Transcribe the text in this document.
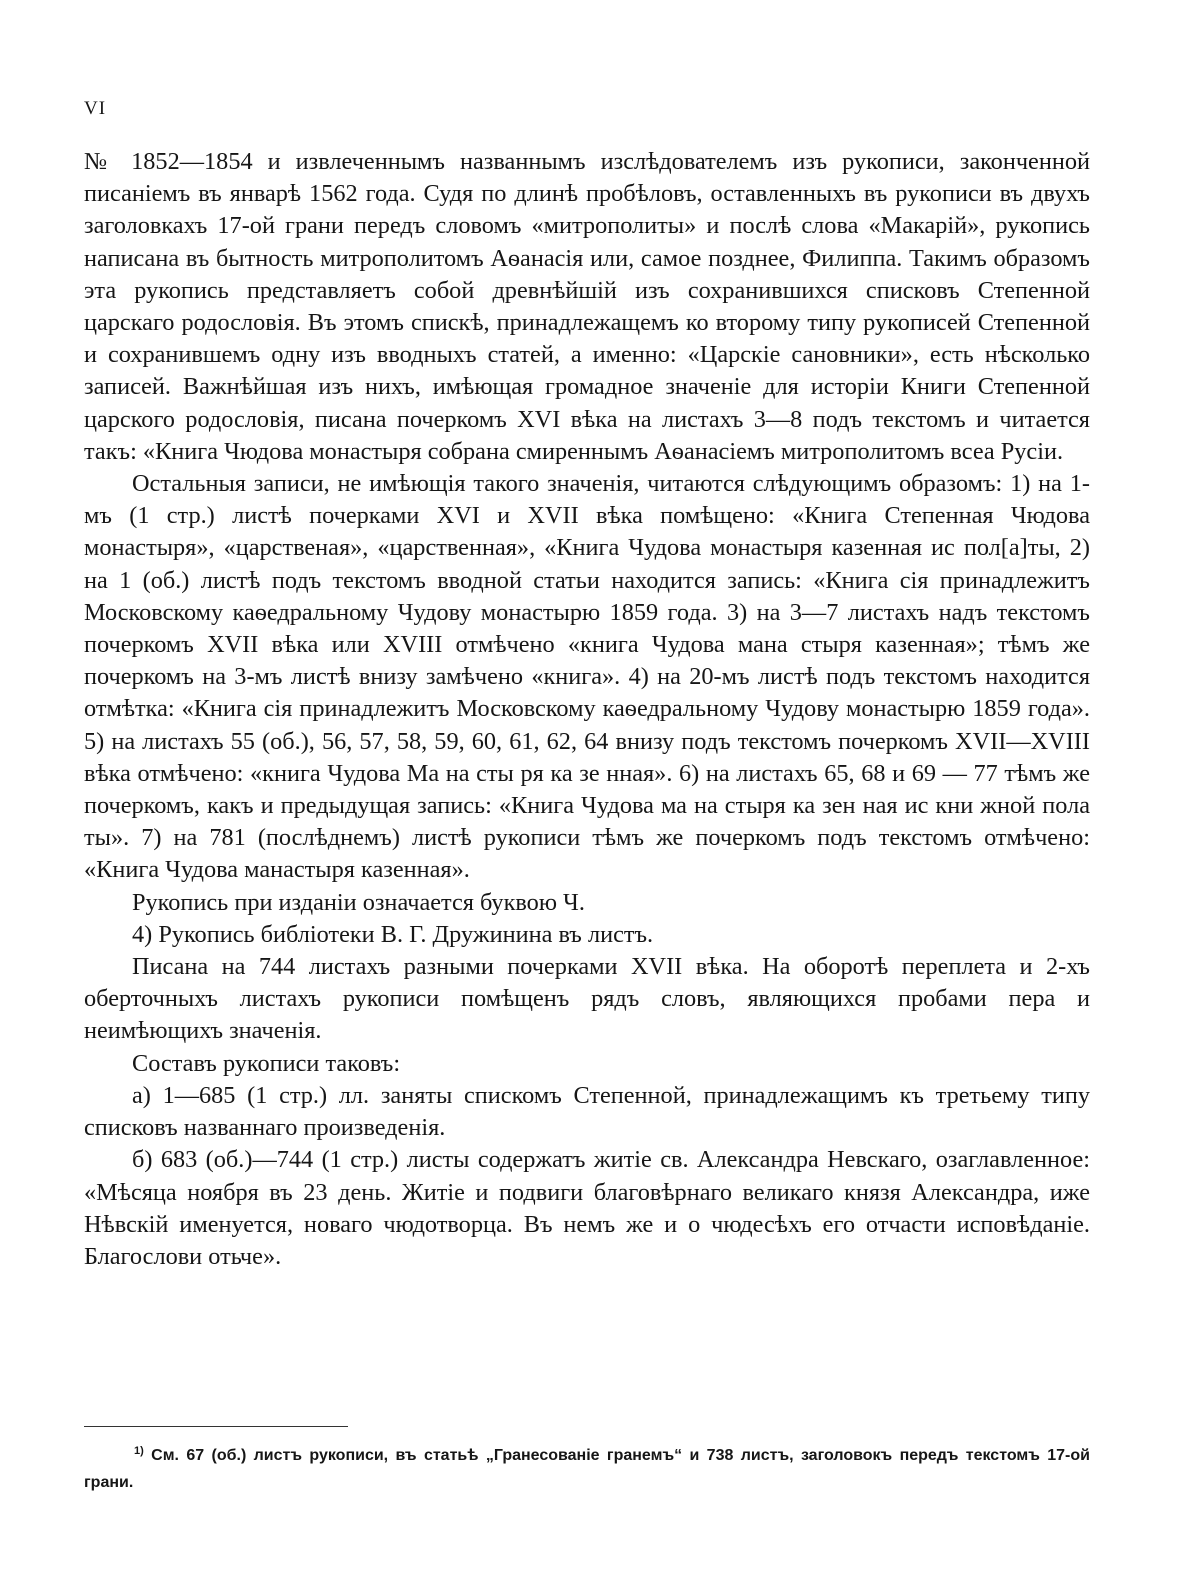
VI

№ 1852—1854 и извлеченнымъ названнымъ изслѣдователемъ изъ рукописи, законченной писаніемъ въ январѣ 1562 года. Судя по длинѣ пробѣловъ, оставленныхъ въ рукописи въ двухъ заголовкахъ 17-ой грани передъ словомъ «митрополиты» и послѣ слова «Макарій», рукопись написана въ бытность митрополитомъ Аѳанасія или, самое позднее, Филиппа. Такимъ образомъ эта рукопись представляетъ собой древнѣйшій изъ сохранившихся списковъ Степенной царскаго родословія. Въ этомъ спискѣ, принадлежащемъ ко второму типу рукописей Степенной и сохранившемъ одну изъ вводныхъ статей, а именно: «Царскіе сановники», есть нѣсколько записей. Важнѣйшая изъ нихъ, имѣющая громадное значеніе для исторіи Книги Степенной царского родословія, писана почеркомъ XVI вѣка на листахъ 3—8 подъ текстомъ и читается такъ: «Книга Чюдова монастыря собрана смиреннымъ Аѳанасіемъ митрополитомъ всеа Русіи.

Остальныя записи, не имѣющія такого значенія, читаются слѣдующимъ образомъ: 1) на 1-мъ (1 стр.) листѣ почерками XVI и XVII вѣка помѣщено: «Книга Степенная Чюдова монастыря», «царственая», «царственная», «Книга Чудова монастыря казенная ис пол[а]ты, 2) на 1 (об.) листѣ подъ текстомъ вводной статьи находится запись: «Книга сія принадлежитъ Московскому каѳедральному Чудову монастырю 1859 года. 3) на 3—7 листахъ надъ текстомъ почеркомъ XVII вѣка или XVIII отмѣчено «книга Чудова мана стыря казенная»; тѣмъ же почеркомъ на 3-мъ листѣ внизу замѣчено «книга». 4) на 20-мъ листѣ подъ текстомъ находится отмѣтка: «Книга сія принадлежитъ Московскому каѳедральному Чудову монастырю 1859 года». 5) на листахъ 55 (об.), 56, 57, 58, 59, 60, 61, 62, 64 внизу подъ текстомъ почеркомъ XVII—XVIII вѣка отмѣчено: «книга Чудова Ма на сты ря ка зе нная». 6) на листахъ 65, 68 и 69 — 77 тѣмъ же почеркомъ, какъ и предыдущая запись: «Книга Чудова ма на стыря ка зен ная ис кни жной пола ты». 7) на 781 (послѣднемъ) листѣ рукописи тѣмъ же почеркомъ подъ текстомъ отмѣчено: «Книга Чудова манастыря казенная».

Рукопись при изданіи означается буквою Ч.

4) Рукопись библіотеки В. Г. Дружинина въ листъ.

Писана на 744 листахъ разными почерками XVII вѣка. На оборотѣ переплета и 2-хъ оберточныхъ листахъ рукописи помѣщенъ рядъ словъ, являющихся пробами пера и неимѣющихъ значенія.

Составъ рукописи таковъ:

а) 1—685 (1 стр.) лл. заняты спискомъ Степенной, принадлежащимъ къ третьему типу списковъ названнаго произведенія.

б) 683 (об.)—744 (1 стр.) листы содержатъ житіе св. Александра Невскаго, озаглавленное: «Мѣсяца ноября въ 23 день. Житіе и подвиги благовѣрнаго великаго князя Александра, иже Нѣвскій именуется, новаго чюдотворца. Въ немъ же и о чюдесѣхъ его отчасти исповѣданіе. Благослови отьче».

$^{1)}$ См. 67 (об.) листъ рукописи, въ статьѣ „Гранесованіе гранемъ“ и 738 листъ, заголовокъ передъ текстомъ 17-ой грани.
